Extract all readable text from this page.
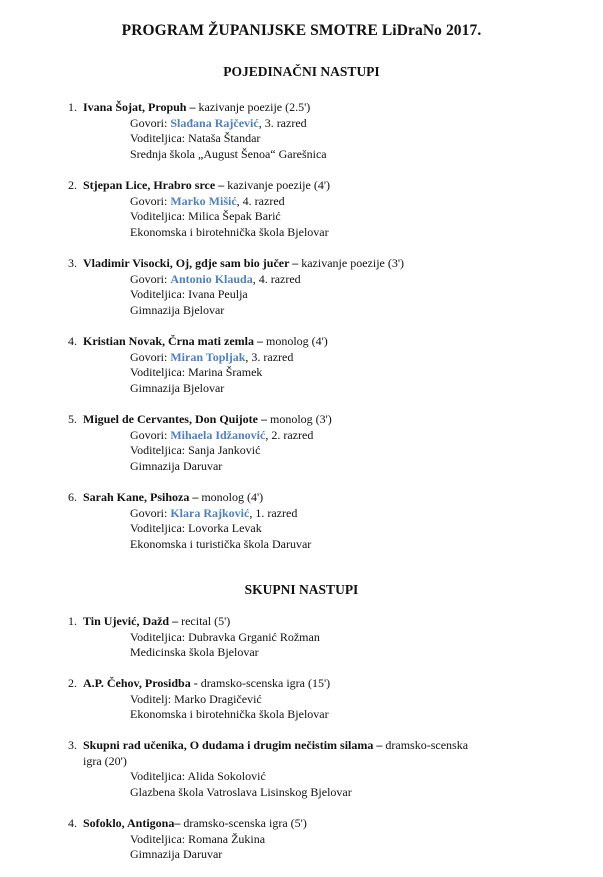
PROGRAM ŽUPANIJSKE SMOTRE LiDraNo 2017.
POJEDINAČNI NASTUPI
1. Ivana Šojat, Propuh – kazivanje poezije (2.5')
Govori: Slađana Rajčević, 3. razred
Voditeljica: Nataša Štandar
Srednja škola „August Šenoa“ Garešnica
2. Stjepan Lice, Hrabro srce – kazivanje poezije (4')
Govori: Marko Mišić, 4. razred
Voditeljica: Milica Šepak Barić
Ekonomska i birotehnička škola Bjelovar
3. Vladimir Visocki, Oj, gdje sam bio jučer – kazivanje poezije (3')
Govori: Antonio Klauda, 4. razred
Voditeljica: Ivana Peulja
Gimnazija Bjelovar
4. Kristian Novak, Črna mati zemla – monolog (4')
Govori: Miran Topljak, 3. razred
Voditeljica: Marina Šramek
Gimnazija Bjelovar
5. Miguel de Cervantes, Don Quijote – monolog (3')
Govori: Mihaela Idžanović, 2. razred
Voditeljica: Sanja Janković
Gimnazija Daruvar
6. Sarah Kane, Psihoza – monolog (4')
Govori: Klara Rajković, 1. razred
Voditeljica: Lovorka Levak
Ekonomska i turistička škola Daruvar
SKUPNI NASTUPI
1. Tin Ujević, Dažd – recital (5')
Voditeljica: Dubravka Grganić Rožman
Medicinska škola Bjelovar
2. A.P. Čehov, Prosidba - dramsko-scenska igra (15')
Voditelj: Marko Dragičević
Ekonomska i birotehnička škola Bjelovar
3. Skupni rad učenika, O dudama i drugim nečistim silama – dramsko-scenska
igra (20')
Voditeljica: Alida Sokolović
Glazbena škola Vatroslava Lisinskog Bjelovar
4. Sofoklo, Antigona– dramsko-scenska igra (5')
Voditeljica: Romana Žukina
Gimnazija Daruvar
